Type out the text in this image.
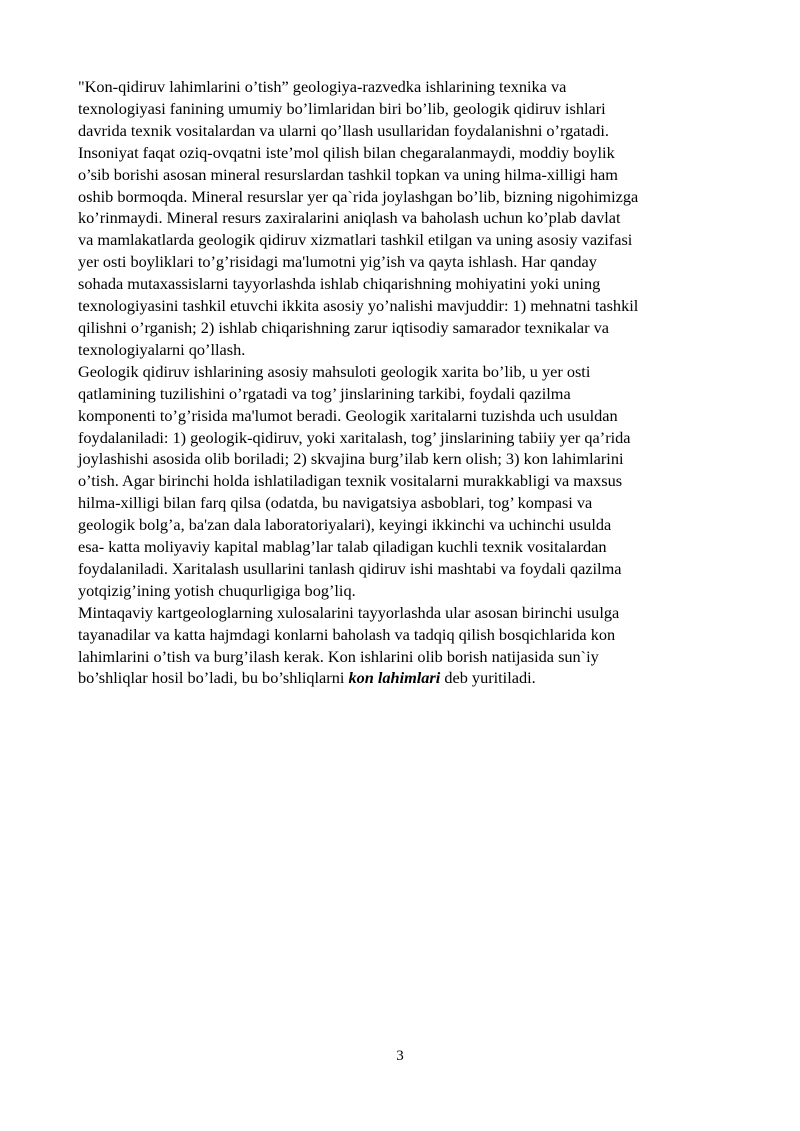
"Kon-qidiruv lahimlarini o’tish” geologiya-razvedka ishlarining texnika va
texnologiyasi fanining umumiy bo’limlaridan biri bo’lib, geologik qidiruv ishlari
davrida texnik vositalardan va ularni qo’llash usullaridan foydalanishni o’rgatadi.
Insoniyat faqat oziq-ovqatni iste’mol qilish bilan chegaralanmaydi, moddiy boylik
o’sib borishi asosan mineral resurslardan tashkil topkan va uning hilma-xilligi ham
oshib bormoqda. Mineral resurslar yer qa`rida joylashgan bo’lib, bizning nigohimizga
ko’rinmaydi. Mineral resurs zaxiralarini aniqlash va baholash uchun ko’plab davlat
va mamlakatlarda geologik qidiruv xizmatlari tashkil etilgan va uning asosiy vazifasi
yer osti boyliklari to’g’risidagi ma'lumotni yig’ish va qayta ishlash. Har qanday
sohada mutaxassislarni tayyorlashda ishlab chiqarishning mohiyatini yoki uning
texnologiyasini tashkil etuvchi ikkita asosiy yo’nalishi mavjuddir: 1) mehnatni tashkil
qilishni o’rganish; 2) ishlab chiqarishning zarur iqtisodiy samarador texnikalar va
texnologiyalarni qo’llash.
Geologik qidiruv ishlarining asosiy mahsuloti geologik xarita bo’lib, u yer osti
qatlamining tuzilishini o’rgatadi va tog’ jinslarining tarkibi, foydali qazilma
komponenti to’g’risida ma'lumot beradi. Geologik xaritalarni tuzishda uch usuldan
foydalaniladi: 1) geologik-qidiruv, yoki xaritalash, tog’ jinslarining tabiiy yer qa’rida
joylashishi asosida olib boriladi; 2) skvajina burg’ilab kern olish; 3) kon lahimlarini
o’tish. Agar birinchi holda ishlatiladigan texnik vositalarni murakkabligi va maxsus
hilma-xilligi bilan farq qilsa (odatda, bu navigatsiya asboblari, tog’ kompasi va
geologik bolg’a, ba'zan dala laboratoriyalari), keyingi ikkinchi va uchinchi usulda
esa- katta moliyaviy kapital mablag’lar talab qiladigan kuchli texnik vositalardan
foydalaniladi. Xaritalash usullarini tanlash qidiruv ishi mashtabi va foydali qazilma
yotqizig’ining yotish chuqurligiga bog’liq.
Mintaqaviy kartgeologlarning xulosalarini tayyorlashda ular asosan birinchi usulga
tayanadilar va katta hajmdagi konlarni baholash va tadqiq qilish bosqichlarida kon
lahimlarini o’tish va burg’ilash kerak. Kon ishlarini olib borish natijasida sun`iy
bo’shliqlar hosil bo’ladi, bu bo’shliqlarni kon lahimlari deb yuritiladi.
3
